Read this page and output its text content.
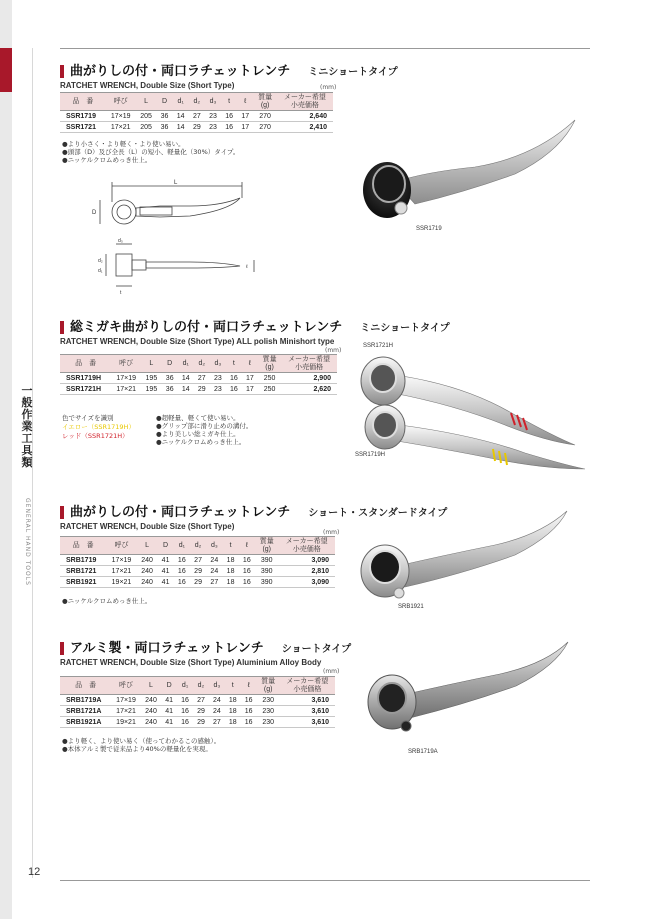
一
般
作
業
工
具
類
GENERAL HAND TOOLS
12
曲がりしの付・両口ラチェットレンチ ミニショートタイプ
RATCHET WRENCH, Double Size (Short Type)	(mm)
品　番	呼び	L	D	d₁	d₂	d₃	t	ℓ	質量
(g)	メーカー希望
小売価格
SSR1719	17×19	205	36	14	27	23	16	17	270	2,640
SSR1721	17×21	205	36	14	29	23	16	17	270	2,410
●より小さく・より軽く・より使い易い。
●頭部（D）及び全長（L）の短小、軽量化（30%）タイプ。
●ニッケルクロムめっき仕上。
L
D
d₃
d₂
d₁
t
ℓ
SSR1719
総ミガキ曲がりしの付・両口ラチェットレンチ ミニショートタイプ
RATCHET WRENCH, Double Size (Short Type) ALL polish Minishort type
(mm)
品　番	呼び	L	D	d₁	d₂	d₃	t	ℓ	質量
(g)	メーカー希望
小売価格
SSR1719H	17×19	195	36	14	27	23	16	17	250	2,900
SSR1721H	17×21	195	36	14	29	23	16	17	250	2,620
色でサイズを識別
イエロー（SSR1719H）
レッド（SSR1721H）
●超軽量、軽くて使い易い。
●グリップ部に滑り止めの溝付。
●より美しい総ミガキ仕上。
●ニッケルクロムめっき仕上。
SSR1721H
SSR1719H
曲がりしの付・両口ラチェットレンチ ショート・スタンダードタイプ
RATCHET WRENCH, Double Size (Short Type)
(mm)
品　番	呼び	L	D	d₁	d₂	d₃	t	ℓ	質量
(g)	メーカー希望
小売価格
SRB1719	17×19	240	41	16	27	24	18	16	390	3,090
SRB1721	17×21	240	41	16	29	24	18	16	390	2,810
SRB1921	19×21	240	41	16	29	27	18	16	390	3,090
●ニッケルクロムめっき仕上。
SRB1921
アルミ製・両口ラチェットレンチ ショートタイプ
RATCHET WRENCH, Double Size (Short Type) Aluminium Alloy Body
(mm)
品　番	呼び	L	D	d₁	d₂	d₃	t	ℓ	質量
(g)	メーカー希望
小売価格
SRB1719A	17×19	240	41	16	27	24	18	16	230	3,610
SRB1721A	17×21	240	41	16	29	24	18	16	230	3,610
SRB1921A	19×21	240	41	16	29	27	18	16	230	3,610
●より軽く、より使い易く（使ってわかるこの感触）。
●本体アルミ製で従来品より40%の軽量化を実現。	SRB1719A
